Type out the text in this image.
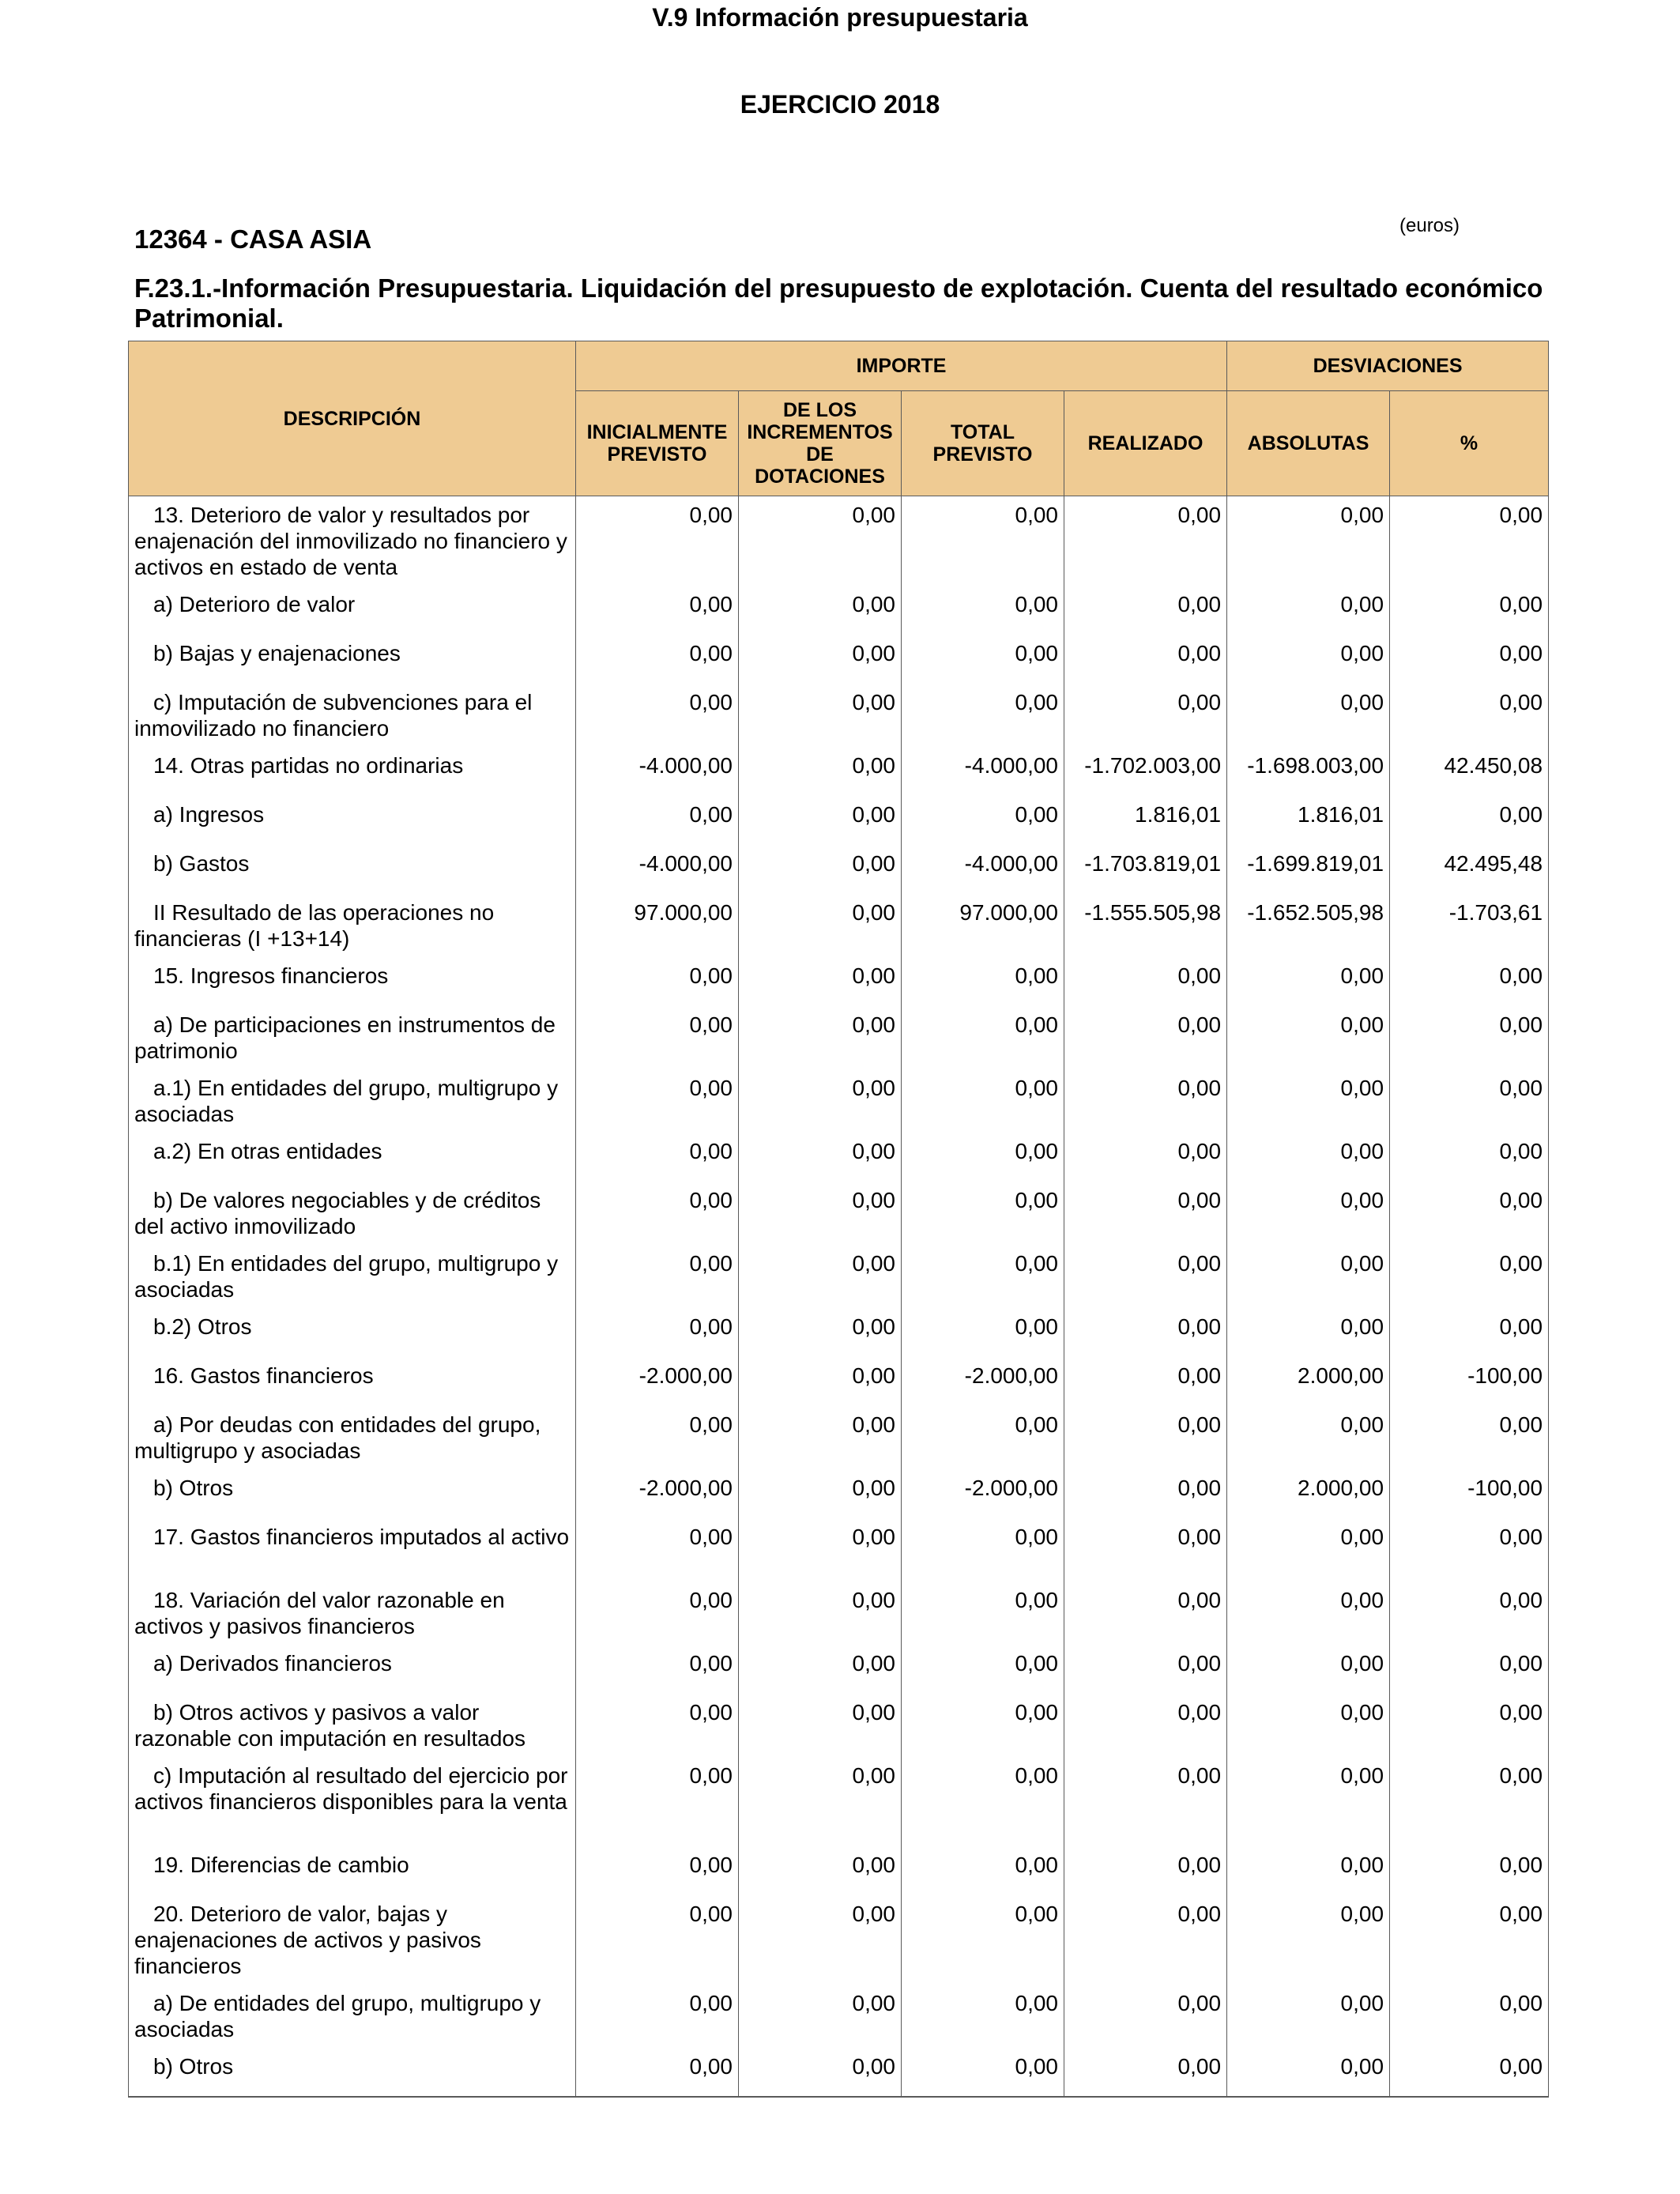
V.9 Información presupuestaria
EJERCICIO 2018
12364 - CASA ASIA	(euros)
F.23.1.-Información Presupuestaria. Liquidación del presupuesto de explotación. Cuenta del resultado económico Patrimonial.
DESCRIPCIÓN	IMPORTE				DESVIACIONES	
	INICIALMENTE PREVISTO	DE LOS INCREMENTOS DE DOTACIONES	TOTAL PREVISTO	REALIZADO	ABSOLUTAS	%
13. Deterioro de valor y resultados por enajenación del inmovilizado no financiero y activos en estado de venta	0,00	0,00	0,00	0,00	0,00	0,00
a) Deterioro de valor	0,00	0,00	0,00	0,00	0,00	0,00
b) Bajas y enajenaciones	0,00	0,00	0,00	0,00	0,00	0,00
c) Imputación de subvenciones para el inmovilizado no financiero	0,00	0,00	0,00	0,00	0,00	0,00
14. Otras partidas no ordinarias	-4.000,00	0,00	-4.000,00	-1.702.003,00	-1.698.003,00	42.450,08
a) Ingresos	0,00	0,00	0,00	1.816,01	1.816,01	0,00
b) Gastos	-4.000,00	0,00	-4.000,00	-1.703.819,01	-1.699.819,01	42.495,48
II Resultado de las operaciones no financieras (I +13+14)	97.000,00	0,00	97.000,00	-1.555.505,98	-1.652.505,98	-1.703,61
15. Ingresos financieros	0,00	0,00	0,00	0,00	0,00	0,00
a) De participaciones en instrumentos de patrimonio	0,00	0,00	0,00	0,00	0,00	0,00
a.1) En entidades del grupo, multigrupo y asociadas	0,00	0,00	0,00	0,00	0,00	0,00
a.2) En otras entidades	0,00	0,00	0,00	0,00	0,00	0,00
b) De valores negociables y de créditos del activo inmovilizado	0,00	0,00	0,00	0,00	0,00	0,00
b.1) En entidades del grupo, multigrupo y asociadas	0,00	0,00	0,00	0,00	0,00	0,00
b.2) Otros	0,00	0,00	0,00	0,00	0,00	0,00
16. Gastos financieros	-2.000,00	0,00	-2.000,00	0,00	2.000,00	-100,00
a) Por deudas con entidades del grupo, multigrupo y asociadas	0,00	0,00	0,00	0,00	0,00	0,00
b) Otros	-2.000,00	0,00	-2.000,00	0,00	2.000,00	-100,00
17. Gastos financieros imputados al activo	0,00	0,00	0,00	0,00	0,00	0,00
18. Variación del valor razonable en activos y pasivos financieros	0,00	0,00	0,00	0,00	0,00	0,00
a) Derivados financieros	0,00	0,00	0,00	0,00	0,00	0,00
b) Otros activos y pasivos a valor razonable con imputación en resultados	0,00	0,00	0,00	0,00	0,00	0,00
c) Imputación al resultado del ejercicio por activos financieros disponibles para la venta	0,00	0,00	0,00	0,00	0,00	0,00
19. Diferencias de cambio	0,00	0,00	0,00	0,00	0,00	0,00
20. Deterioro de valor, bajas y enajenaciones de activos y pasivos financieros	0,00	0,00	0,00	0,00	0,00	0,00
a) De entidades del grupo, multigrupo y asociadas	0,00	0,00	0,00	0,00	0,00	0,00
b) Otros	0,00	0,00	0,00	0,00	0,00	0,00
